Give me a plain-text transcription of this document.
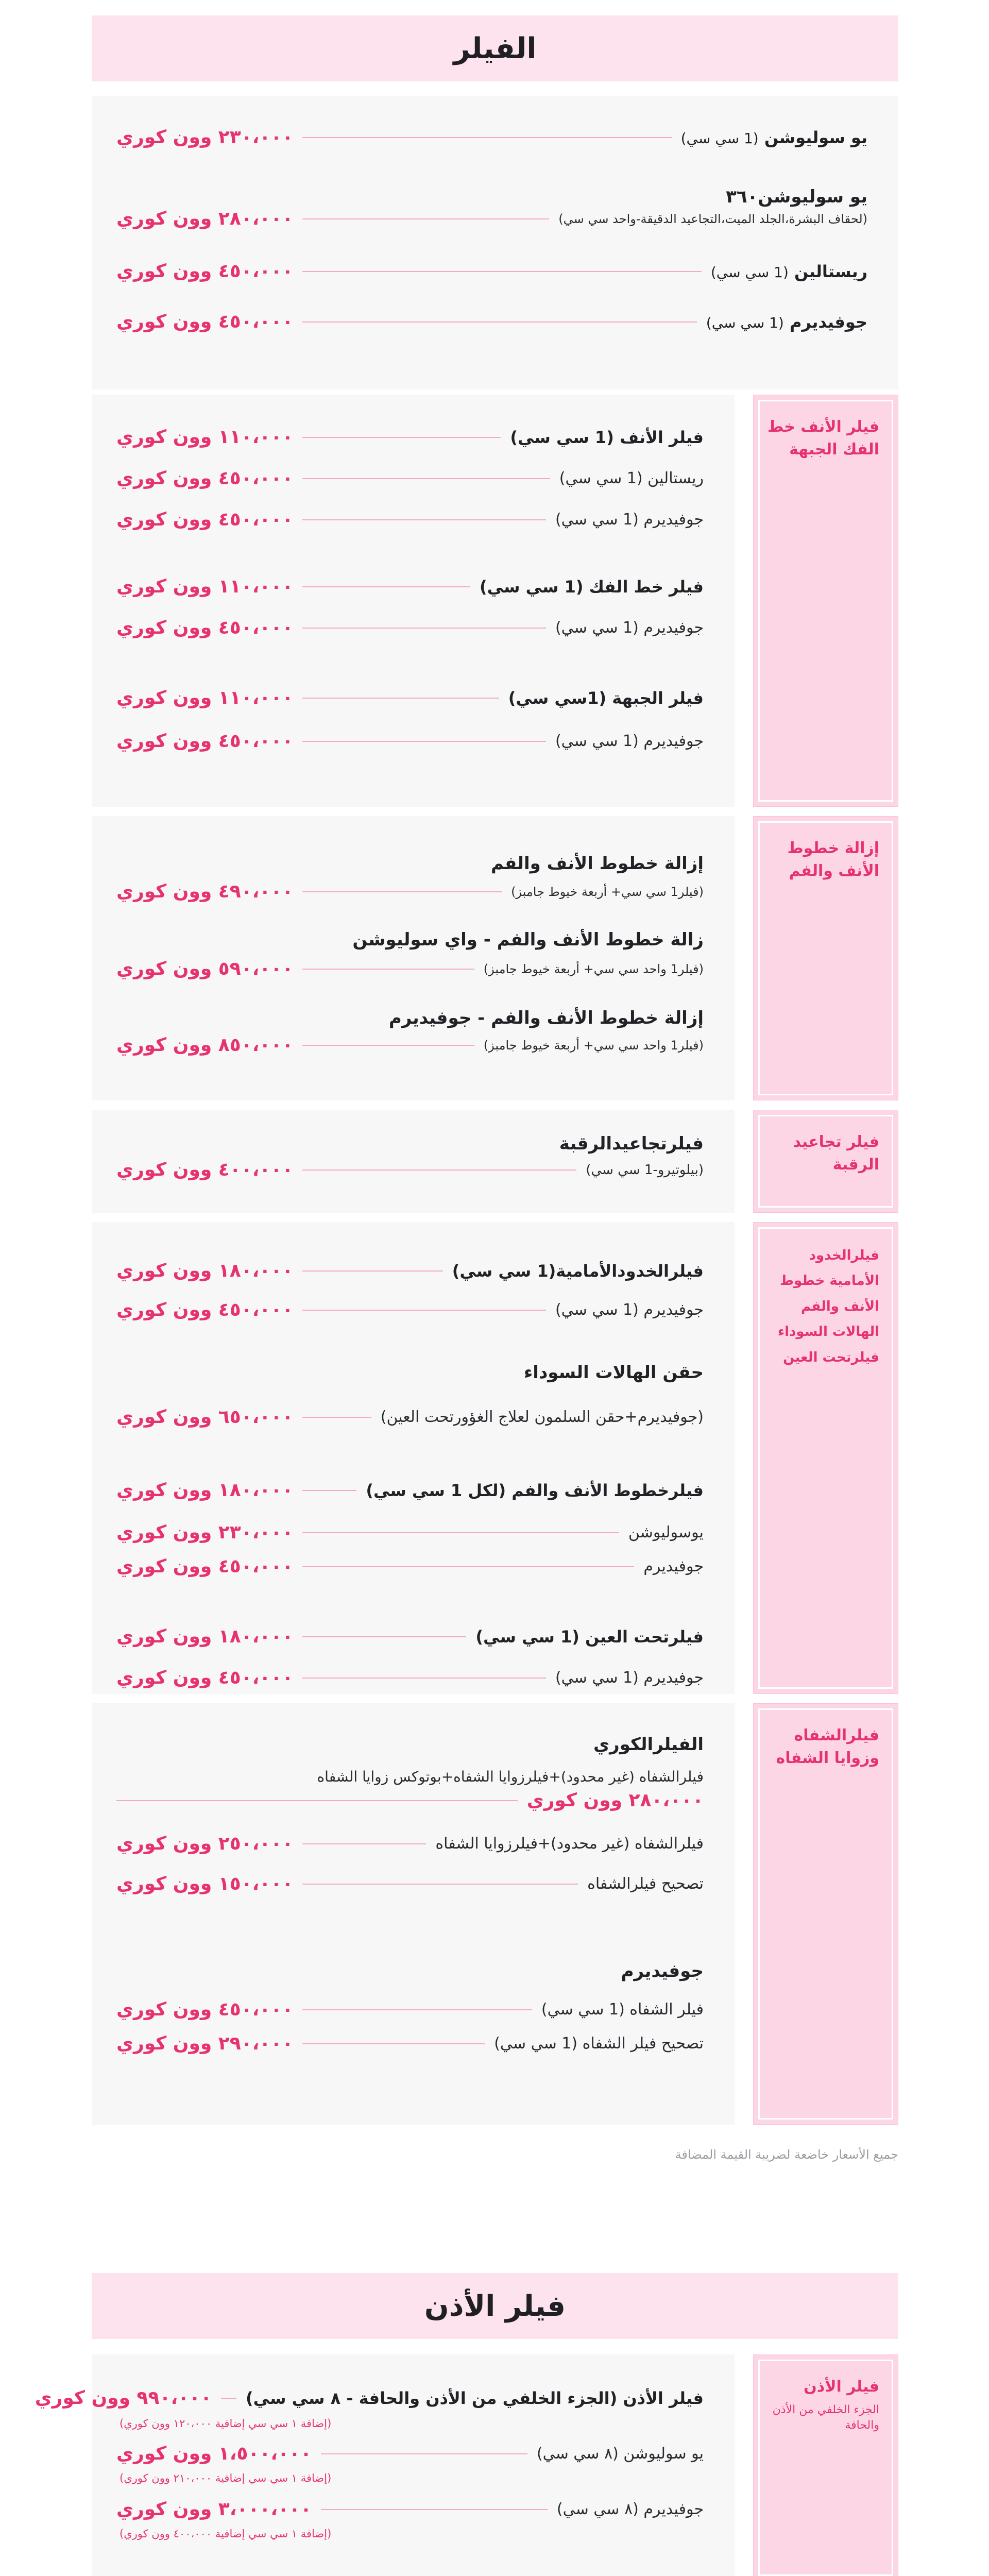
الفيلر
يو سوليوشن (1 سي سي)
٢٣٠،٠٠٠ وون كوري
يو سوليوشن٣٦٠
(لحقاف البشرة،الجلد الميت،التجاعيد الدقيقة-واحد سي سي)
٢٨٠،٠٠٠ وون كوري
ريستالين (1 سي سي)
٤٥٠،٠٠٠ وون كوري
جوفيديرم (1 سي سي)
٤٥٠،٠٠٠ وون كوري
فيلر الأنف (1 سي سي)
١١٠،٠٠٠ وون كوري
ريستالين (1 سي سي)
٤٥٠،٠٠٠ وون كوري
جوفيديرم (1 سي سي)
٤٥٠،٠٠٠ وون كوري
فيلر خط الفك (1 سي سي)
١١٠،٠٠٠ وون كوري
جوفيديرم (1 سي سي)
٤٥٠،٠٠٠ وون كوري
فيلر الجبهة (1سي سي)
١١٠،٠٠٠ وون كوري
جوفيديرم (1 سي سي)
٤٥٠،٠٠٠ وون كوري
فيلر الأنف خط الفك الجبهة
إزالة خطوط الأنف والفم
(فيلر1 سي سي+ أربعة خيوط جامبز)
٤٩٠،٠٠٠ وون كوري
زالة خطوط الأنف والفم - واي سوليوشن
(فيلر1 واحد سي سي+ أربعة خيوط جامبز)
٥٩٠،٠٠٠ وون كوري
إزالة خطوط الأنف والفم - جوفيديرم
(فيلر1 واحد سي سي+ أربعة خيوط جامبز)
٨٥٠،٠٠٠ وون كوري
إزالة خطوط الأنف والفم
فيلرتجاعيدالرقبة
(بيلوتيرو-1 سي سي)
٤٠٠،٠٠٠ وون كوري
فيلر تجاعيد الرقبة
فيلرالخدودالأمامية(1 سي سي)
١٨٠،٠٠٠ وون كوري
جوفيديرم (1 سي سي)
٤٥٠،٠٠٠ وون كوري
حقن الهالات السوداء
(جوفيديرم+حقن السلمون لعلاج الغؤورتحت العين)
٦٥٠،٠٠٠ وون كوري
فيلرخطوط الأنف والفم (لكل 1 سي سي)
١٨٠،٠٠٠ وون كوري
يوسوليوشن
٢٣٠،٠٠٠ وون كوري
جوفيديرم
٤٥٠،٠٠٠ وون كوري
فيلرتحت العين (1 سي سي)
١٨٠،٠٠٠ وون كوري
جوفيديرم (1 سي سي)
٤٥٠،٠٠٠ وون كوري
فيلرالخدود الأمامية خطوط الأنف والفم الهالات السوداء فيلرتحت العين
الفيلرالكوري
فيلرالشفاه (غير محدود)+فيلرزوايا الشفاه+بوتوكس زوايا الشفاه
٢٨٠،٠٠٠ وون كوري
فيلرالشفاه (غير محدود)+فيلرزوايا الشفاه
٢٥٠،٠٠٠ وون كوري
تصحيح فيلرالشفاه
١٥٠،٠٠٠ وون كوري
جوفيديرم
فيلر الشفاه (1 سي سي)
٤٥٠،٠٠٠ وون كوري
تصحيح فيلر الشفاه (1 سي سي)
٢٩٠،٠٠٠ وون كوري
فيلرالشفاه وزوايا الشفاه
جميع الأسعار خاضعة لضريبة القيمة المضافة
فيلر الأذن
فيلر الأذن (الجزء الخلفي من الأذن والحافة - ٨ سي سي)
٩٩٠،٠٠٠ وون كوري
(إضافة ١ سي سي إضافية ١٢٠،٠٠٠ وون كوري)
يو سوليوشن (٨ سي سي)
١،٥٠٠،٠٠٠ وون كوري
(إضافة ١ سي سي إضافية ٢١٠،٠٠٠ وون كوري)
جوفيديرم (٨ سي سي)
٣،٠٠٠،٠٠٠ وون كوري
(إضافة ١ سي سي إضافية ٤٠٠،٠٠٠ وون كوري)
فيلر الأذن
الجزء الخلفي من الأذن والحافة
